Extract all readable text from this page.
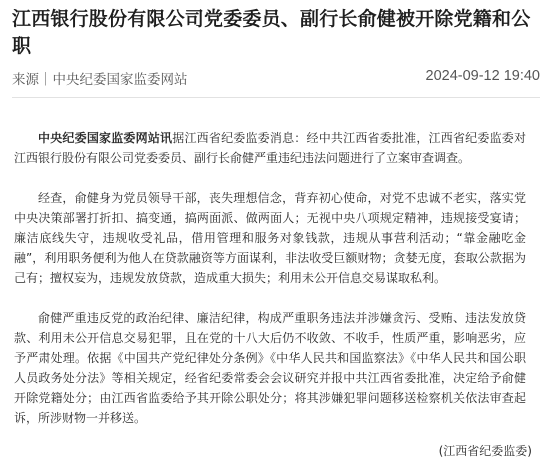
江西银行股份有限公司党委委员、副行长俞健被开除党籍和公职
来源｜中央纪委国家监委网站	2024-09-12 19:40

中央纪委国家监委网站讯据江西省纪委监委消息：经中共江西省委批准，江西省纪委监委对江西银行股份有限公司党委委员、副行长俞健严重违纪违法问题进行了立案审查调查。

经查，俞健身为党员领导干部，丧失理想信念，背弃初心使命，对党不忠诚不老实，落实党中央决策部署打折扣、搞变通，搞两面派、做两面人；无视中央八项规定精神，违规接受宴请；廉洁底线失守，违规收受礼品，借用管理和服务对象钱款，违规从事营利活动；“靠金融吃金融”，利用职务便利为他人在贷款融资等方面谋利，非法收受巨额财物；贪婪无度，套取公款据为己有；擅权妄为，违规发放贷款，造成重大损失；利用未公开信息交易谋取私利。

俞健严重违反党的政治纪律、廉洁纪律，构成严重职务违法并涉嫌贪污、受贿、违法发放贷款、利用未公开信息交易犯罪，且在党的十八大后仍不收敛、不收手，性质严重，影响恶劣，应予严肃处理。依据《中国共产党纪律处分条例》《中华人民共和国监察法》《中华人民共和国公职人员政务处分法》等相关规定，经省纪委常委会会议研究并报中共江西省委批准，决定给予俞健开除党籍处分；由江西省监委给予其开除公职处分；将其涉嫌犯罪问题移送检察机关依法审查起诉，所涉财物一并移送。

(江西省纪委监委)
